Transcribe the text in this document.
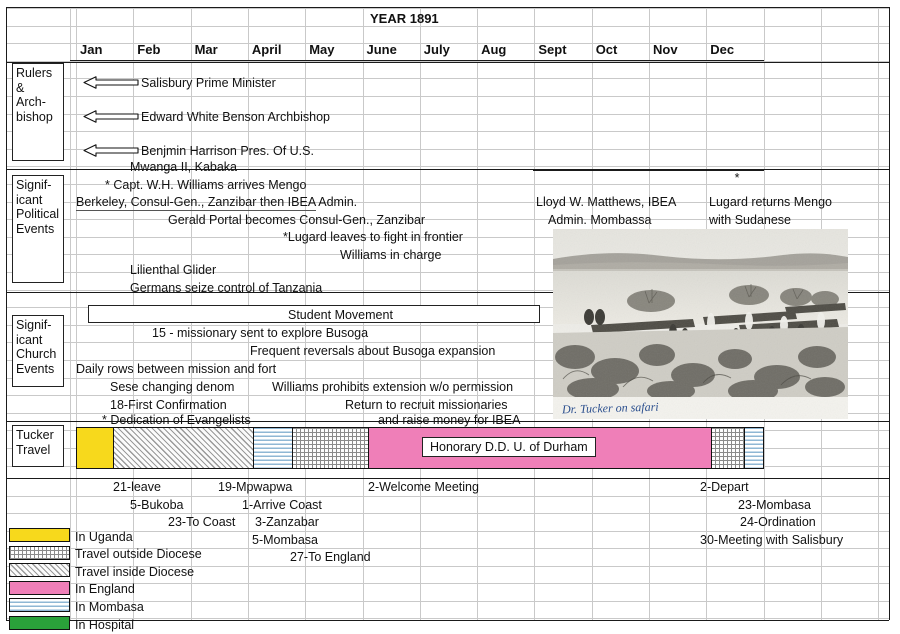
YEAR 1891
Jan	Feb	Mar	April May June July Aug Sept Oct	Nov	Dec
Rulers
&
Arch-
bishop
Signif-
icant
Political
Events
Signif-
icant
Church
Events
Tucker
Travel
Salisbury Prime Minister
Edward White Benson Archbishop
Benjmin Harrison Pres. Of U.S.
Mwanga II, Kabaka
* Capt. W.H. Williams arrives Mengo
Berkeley, Consul-Gen., Zanzibar then IBEA Admin.
Gerald Portal becomes Consul-Gen., Zanzibar
*Lugard leaves to fight in frontier
Williams in charge
Lilienthal Glider
Germans seize control of Tanzania
*
Lloyd W. Matthews, IBEA
Admin. Mombassa
Lugard returns Mengo
with Sudanese
Student Movement
15 - missionary sent to explore Busoga
Frequent reversals about Busoga expansion
Daily rows between mission and fort
Sese changing denom	Williams prohibits extension w/o permission
18-First Confirmation	Return to recruit missionaries
* Dedication of Evangelists	and raise money for IBEA
Honorary D.D. U. of Durham
21-leave	19-Mpwapwa	2-Welcome Meeting	2-Depart
5-Bukoba	1-Arrive Coast	23-Mombasa
23-To Coast 3-Zanzabar	24-Ordination
5-Mombasa	30-Meeting with Salisbury
27-To England
In Uganda
Travel outside Diocese
Travel inside Diocese
In England
In Mombasa
In Hospital
Dr. Tucker on safari
